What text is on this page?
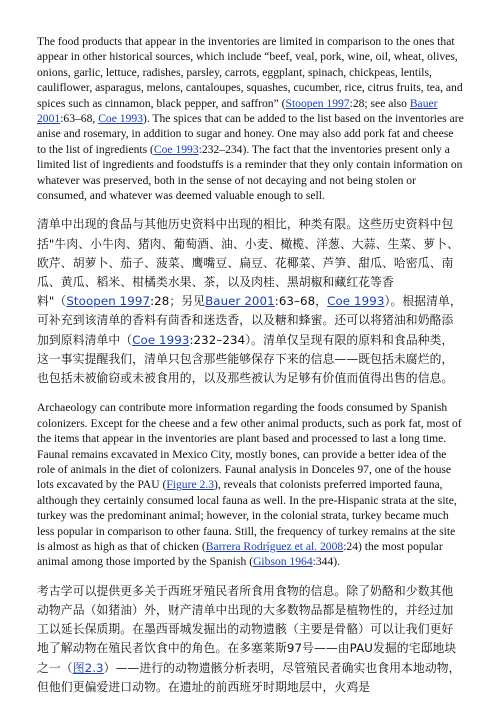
The food products that appear in the inventories are limited in comparison to the ones that appear in other historical sources, which include “beef, veal, pork, wine, oil, wheat, olives, onions, garlic, lettuce, radishes, parsley, carrots, eggplant, spinach, chickpeas, lentils, cauliflower, asparagus, melons, cantaloupes, squashes, cucumber, rice, citrus fruits, tea, and spices such as cinnamon, black pepper, and saffron” (Stoopen 1997:28; see also Bauer 2001:63–68, Coe 1993). The spices that can be added to the list based on the inventories are anise and rosemary, in addition to sugar and honey. One may also add pork fat and cheese to the list of ingredients (Coe 1993:232–234). The fact that the inventories present only a limited list of ingredients and foodstuffs is a reminder that they only contain information on whatever was preserved, both in the sense of not decaying and not being stolen or consumed, and whatever was deemed valuable enough to sell.

清单中出现的食品与其他历史资料中出现的相比，种类有限。这些历史资料中包括"牛肉、小牛肉、猪肉、葡萄酒、油、小麦、橄榄、洋葱、大蒜、生菜、萝卜、欧芹、胡萝卜、茄子、菠菜、鹰嘴豆、扁豆、花椰菜、芦笋、甜瓜、哈密瓜、南瓜、黄瓜、稻米、柑橘类水果、茶，以及肉桂、黑胡椒和藏红花等香料"（Stoopen 1997:28；另见Bauer 2001:63–68，Coe 1993）。根据清单，可补充到该清单的香料有茴香和迷迭香，以及糖和蜂蜜。还可以将猪油和奶酪添加到原料清单中（Coe 1993:232–234）。清单仅呈现有限的原料和食品种类，这一事实提醒我们，清单只包含那些能够保存下来的信息——既包括未腐烂的，也包括未被偷窃或未被食用的，以及那些被认为足够有价值而值得出售的信息。

Archaeology can contribute more information regarding the foods consumed by Spanish colonizers. Except for the cheese and a few other animal products, such as pork fat, most of the items that appear in the inventories are plant based and processed to last a long time. Faunal remains excavated in Mexico City, mostly bones, can provide a better idea of the role of animals in the diet of colonizers. Faunal analysis in Donceles 97, one of the house lots excavated by the PAU (Figure 2.3), reveals that colonists preferred imported fauna, although they certainly consumed local fauna as well. In the pre-Hispanic strata at the site, turkey was the predominant animal; however, in the colonial strata, turkey became much less popular in comparison to other fauna. Still, the frequency of turkey remains at the site is almost as high as that of chicken (Barrera Rodríguez et al. 2008:24) the most popular animal among those imported by the Spanish (Gibson 1964:344).

考古学可以提供更多关于西班牙殖民者所食用食物的信息。除了奶酪和少数其他动物产品（如猪油）外，财产清单中出现的大多数物品都是植物性的，并经过加工以延长保质期。在墨西哥城发掘出的动物遗骸（主要是骨骼）可以让我们更好地了解动物在殖民者饮食中的角色。在多塞莱斯97号——由PAU发掘的宅邸地块之一（图2.3）——进行的动物遗骸分析表明，尽管殖民者确实也食用本地动物，但他们更偏爱进口动物。在遗址的前西班牙时期地层中，火鸡是
